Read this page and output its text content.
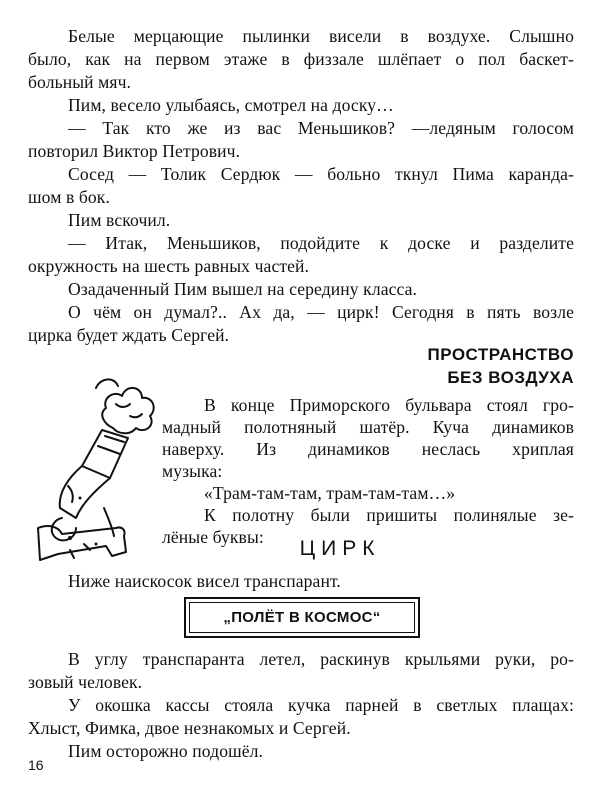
Белые мерцающие пылинки висели в воздухе. Слышно
было, как на первом этаже в физзале шлёпает о пол баскет-
больный мяч.
Пим, весело улыбаясь, смотрел на доску…
— Так кто же из вас Меньшиков? —ледяным голосом
повторил Виктор Петрович.
Сосед — Толик Сердюк — больно ткнул Пима каранда-
шом в бок.
Пим вскочил.
— Итак, Меньшиков, подойдите к доске и разделите
окружность на шесть равных частей.
Озадаченный Пим вышел на середину класса.
О чём он думал?.. Ах да, — цирк! Сегодня в пять возле
цирка будет ждать Сергей.
ПРОСТРАНСТВО
БЕЗ ВОЗДУХА
В конце Приморского бульвара стоял гро-
мадный полотняный шатёр. Куча динамиков
наверху. Из динамиков неслась хриплая
музыка:
«Трам-там-там, трам-там-там…»
К полотну были пришиты полинялые зе-
лёные буквы:	ЦИРК
Ниже наискосок висел транспарант.
„ПОЛЁТ В КОСМОС“
В углу транспаранта летел, раскинув крыльями руки, ро-
зовый человек.
У окошка кассы стояла кучка парней в светлых плащах:
Хлыст, Фимка, двое незнакомых и Сергей.
Пим осторожно подошёл.
16
